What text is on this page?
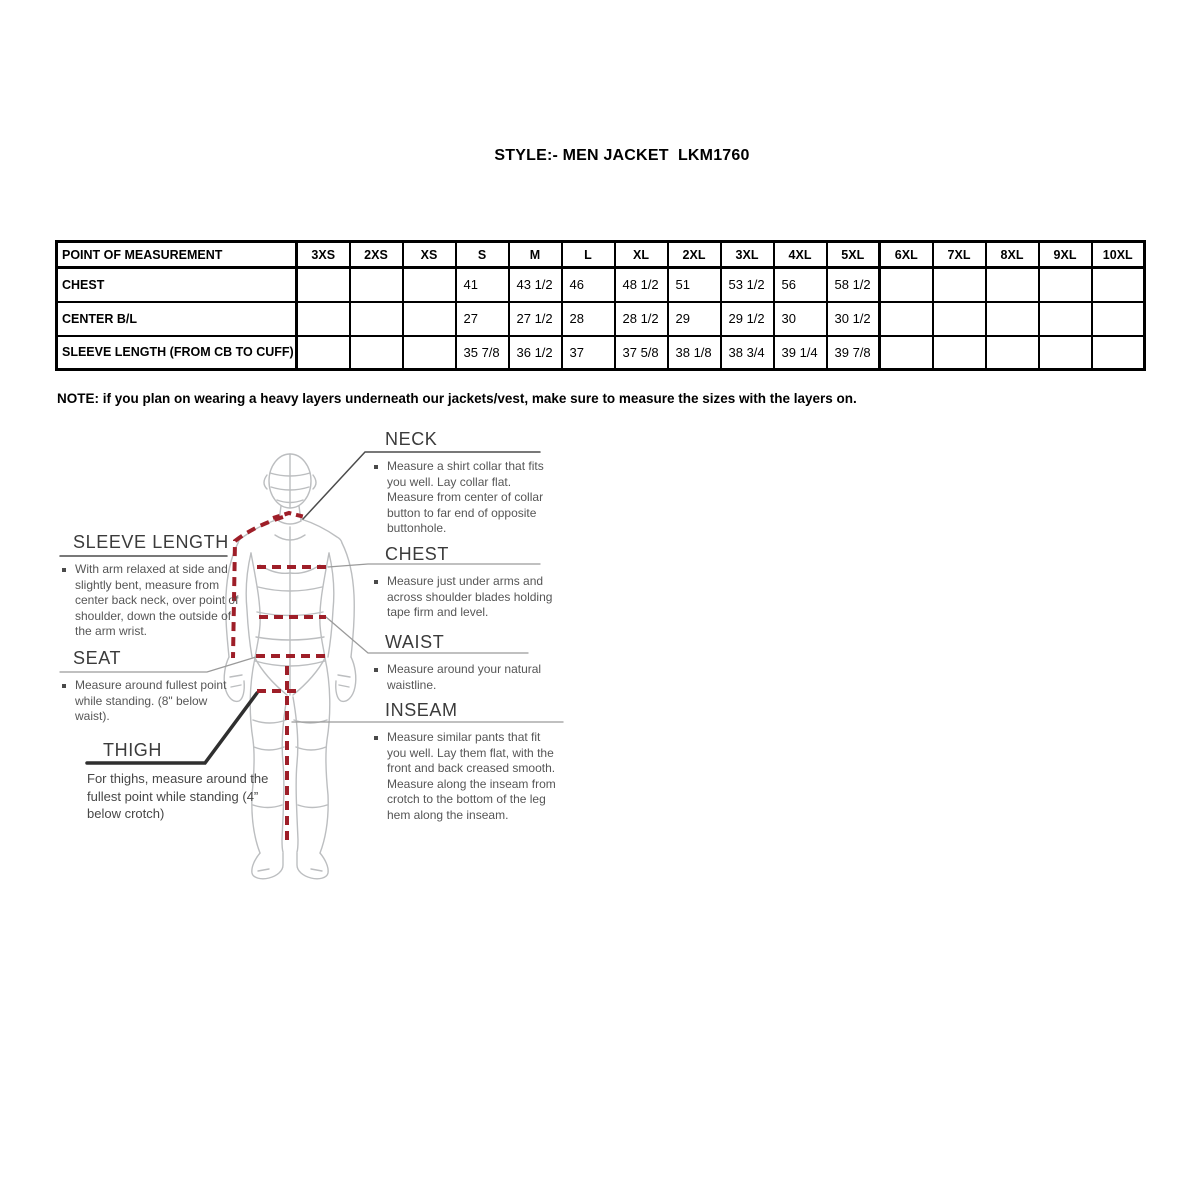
STYLE:- MEN JACKET  LKM1760
POINT OF MEASUREMENT	3XS	2XS	XS	S	M	L	XL	2XL	3XL	4XL	5XL	6XL	7XL	8XL	9XL	10XL
CHEST				41	43 1/2	46	48 1/2	51	53 1/2	56	58 1/2					
CENTER B/L				27	27 1/2	28	28 1/2	29	29 1/2	30	30 1/2					
SLEEVE LENGTH (FROM CB TO CUFF)				35 7/8	36 1/2	37	37 5/8	38 1/8	38 3/4	39 1/4	39 7/8					
NOTE: if you plan on wearing a heavy layers underneath our jackets/vest, make sure to measure the sizes with the layers on.
NECK
Measure a shirt collar that fits you well. Lay collar flat. Measure from center of collar button to far end of opposite buttonhole.
SLEEVE LENGTH
With arm relaxed at side and slightly bent, measure from center back neck, over point of shoulder, down the outside of the arm wrist.
CHEST
Measure just under arms and across shoulder blades holding tape firm and level.
WAIST
Measure around your natural waistline.
SEAT
Measure around fullest point while standing. (8" below waist).	INSEAM
Measure similar pants that fit you well. Lay them flat, with the front and back creased smooth. Measure along the inseam from crotch to the bottom of the leg hem along the inseam.
THIGH
For thighs, measure around the fullest point while standing (4” below crotch)
